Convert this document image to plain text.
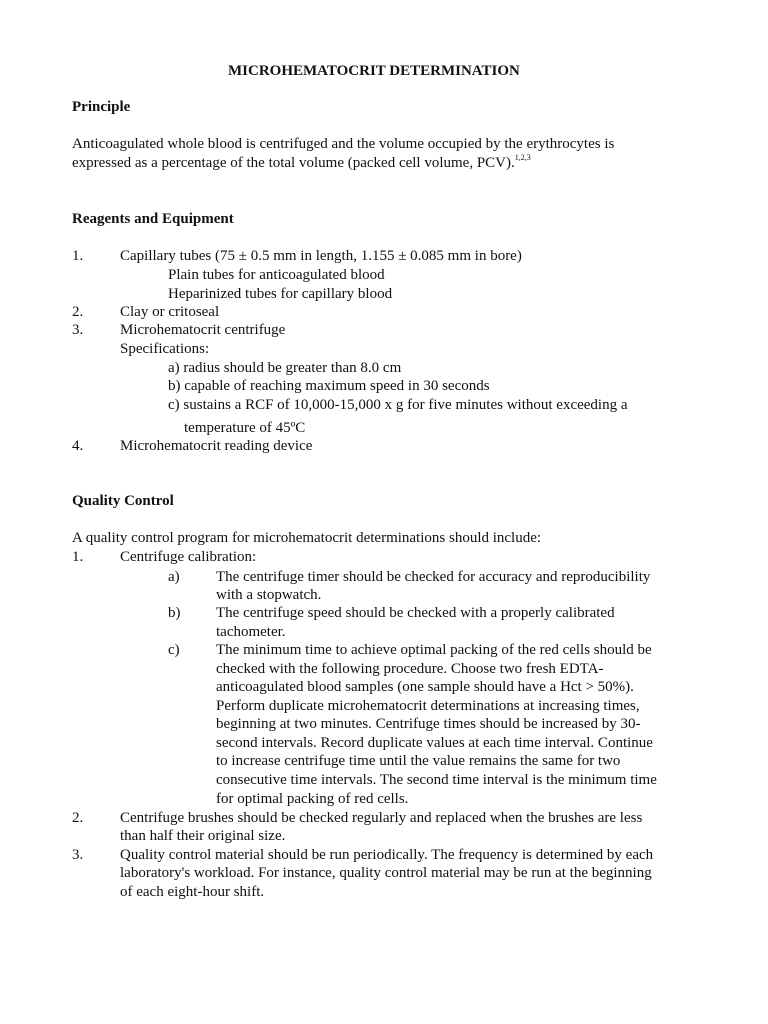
MICROHEMATOCRIT DETERMINATION
Principle
Anticoagulated whole blood is centrifuged and the volume occupied by the erythrocytes is
expressed as a percentage of the total volume (packed cell volume, PCV).$^{1,2,3}$
Reagents and Equipment
1. Capillary tubes (75 ± 0.5 mm in length, 1.155 ± 0.085 mm in bore)
Plain tubes for anticoagulated blood
Heparinized tubes for capillary blood
2. Clay or critoseal
3. Microhematocrit centrifuge
Specifications:
a) radius should be greater than 8.0 cm
b) capable of reaching maximum speed in 30 seconds
c) sustains a RCF of 10,000-15,000 x g for five minutes without exceeding a
temperature of 45ºC
4. Microhematocrit reading device
Quality Control
A quality control program for microhematocrit determinations should include:
1. Centrifuge calibration:
a) The centrifuge timer should be checked for accuracy and reproducibility
with a stopwatch.
b) The centrifuge speed should be checked with a properly calibrated
tachometer.
c) The minimum time to achieve optimal packing of the red cells should be
checked with the following procedure. Choose two fresh EDTA-
anticoagulated blood samples (one sample should have a Hct > 50%).
Perform duplicate microhematocrit determinations at increasing times,
beginning at two minutes. Centrifuge times should be increased by 30-
second intervals. Record duplicate values at each time interval. Continue
to increase centrifuge time until the value remains the same for two
consecutive time intervals. The second time interval is the minimum time
for optimal packing of red cells.
2. Centrifuge brushes should be checked regularly and replaced when the brushes are less
than half their original size.
3. Quality control material should be run periodically. The frequency is determined by each
laboratory's workload. For instance, quality control material may be run at the beginning
of each eight-hour shift.
